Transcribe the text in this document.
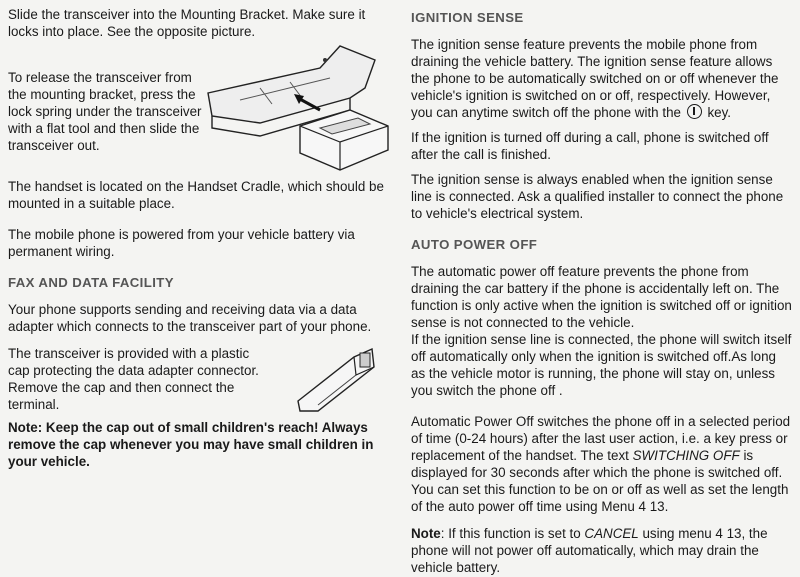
Slide the transceiver into the Mounting Bracket. Make sure it locks into place. See the opposite picture.

To release the transceiver from the mounting bracket, press the lock spring under the transceiver with a flat tool and then slide the transceiver out.

The handset is located on the Handset Cradle, which should be mounted in a suitable place.

The mobile phone is powered from your vehicle battery via permanent wiring.

FAX AND DATA FACILITY

Your phone supports sending and receiving data via a data adapter which connects to the transceiver part of your phone.

The transceiver is provided with a plastic cap protecting the data adapter connector. Remove the cap and then connect the terminal.

Note: Keep the cap out of small children's reach! Always remove the cap whenever you may have small children in your vehicle.

IGNITION SENSE

The ignition sense feature prevents the mobile phone from draining the vehicle battery. The ignition sense feature allows the phone to be automatically switched on or off whenever the vehicle's ignition is switched on or off, respectively. However, you can anytime switch off the phone with the key.

If the ignition is turned off during a call, phone is switched off after the call is finished.

The ignition sense is always enabled when the ignition sense line is connected. Ask a qualified installer to connect the phone to vehicle's electrical system.

AUTO POWER OFF

The automatic power off feature prevents the phone from draining the car battery if the phone is accidentally left on. The function is only active when the ignition is switched off or ignition sense is not connected to the vehicle.

If the ignition sense line is connected, the phone will switch itself off automatically only when the ignition is switched off.As long as the vehicle motor is running, the phone will stay on, unless you switch the phone off .

Automatic Power Off switches the phone off in a selected period of time (0-24 hours) after the last user action, i.e. a key press or replacement of the handset. The text SWITCHING OFF is displayed for 30 seconds after which the phone is switched off. You can set this function to be on or off as well as set the length of the auto power off time using Menu 4 13.

Note: If this function is set to CANCEL using menu 4 13, the phone will not power off automatically, which may drain the vehicle battery.
